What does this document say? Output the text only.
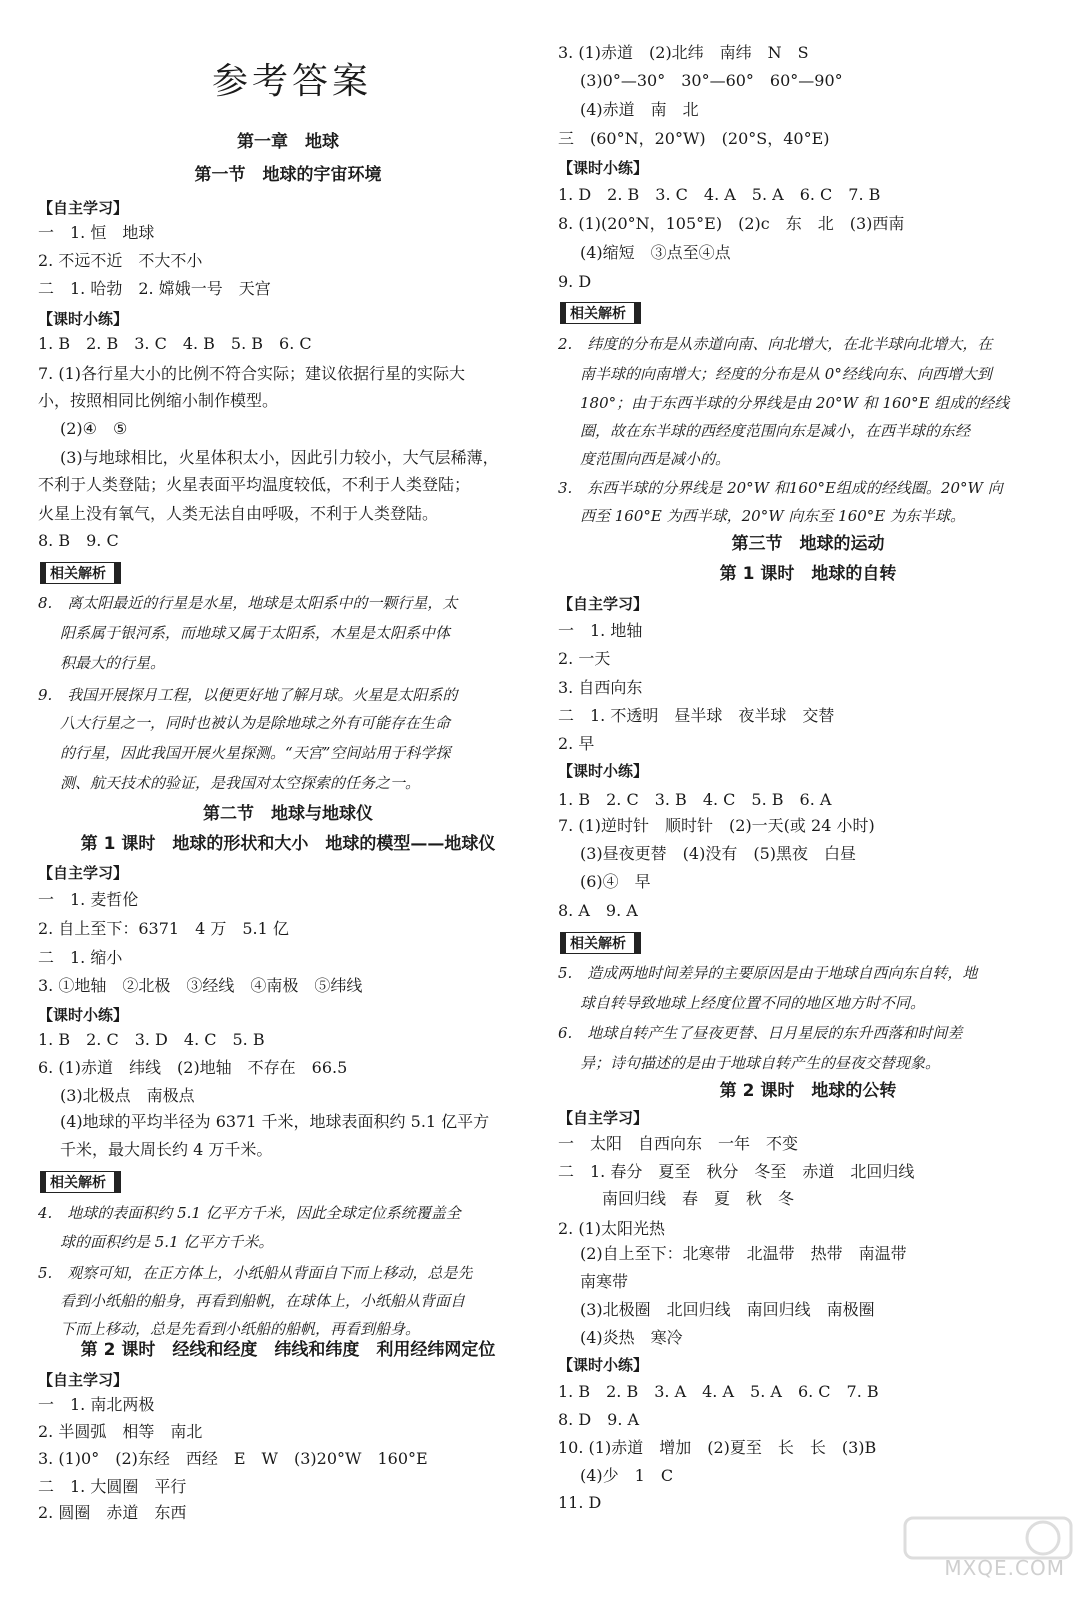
参考答案
第一章　地球
第一节　地球的宇宙环境
【自主学习】
一　1. 恒　地球
2. 不远不近　不大不小
二　1. 哈勃　2. 嫦娥一号　天宫
【课时小练】
1. B　2. B　3. C　4. B　5. B　6. C
7. (1)各行星大小的比例不符合实际；建议依据行星的实际大
小，按照相同比例缩小制作模型。
(2)④　⑤
(3)与地球相比，火星体积太小，因此引力较小，大气层稀薄，
不利于人类登陆；火星表面平均温度较低，不利于人类登陆；
火星上没有氧气，人类无法自由呼吸，不利于人类登陆。
8. B　9. C
相关解析
8.　离太阳最近的行星是水星，地球是太阳系中的一颗行星，太
阳系属于银河系，而地球又属于太阳系，木星是太阳系中体
积最大的行星。
9.　我国开展探月工程，以便更好地了解月球。火星是太阳系的
八大行星之一，同时也被认为是除地球之外有可能存在生命
的行星，因此我国开展火星探测。“天宫”空间站用于科学探
测、航天技术的验证，是我国对太空探索的任务之一。
第二节　地球与地球仪
第 1 课时　地球的形状和大小　地球的模型——地球仪
【自主学习】
一　1. 麦哲伦
2. 自上至下：6371　4 万　5.1 亿
二　1. 缩小
3. ①地轴　②北极　③经线　④南极　⑤纬线
【课时小练】
1. B　2. C　3. D　4. C　5. B
6. (1)赤道　纬线　(2)地轴　不存在　66.5
(3)北极点　南极点
(4)地球的平均半径为 6371 千米，地球表面积约 5.1 亿平方
千米，最大周长约 4 万千米。
相关解析
4.　地球的表面积约 5.1 亿平方千米，因此全球定位系统覆盖全
球的面积约是 5.1 亿平方千米。
5.　观察可知，在正方体上，小纸船从背面自下而上移动，总是先
看到小纸船的船身，再看到船帆，在球体上，小纸船从背面自
下而上移动，总是先看到小纸船的船帆，再看到船身。
第 2 课时　经线和经度　纬线和纬度　利用经纬网定位
【自主学习】
一　1. 南北两极
2. 半圆弧　相等　南北
3. (1)0°　(2)东经　西经　E　W　(3)20°W　160°E
二　1. 大圆圈　平行
2. 圆圈　赤道　东西
3. (1)赤道　(2)北纬　南纬　N　S
(3)0°—30°　30°—60°　60°—90°
(4)赤道　南　北
三　(60°N，20°W)　(20°S，40°E)
【课时小练】
1. D　2. B　3. C　4. A　5. A　6. C　7. B
8. (1)(20°N，105°E)　(2)c　东　北　(3)西南
(4)缩短　③点至④点
9. D
相关解析
2.　纬度的分布是从赤道向南、向北增大，在北半球向北增大，在
南半球的向南增大；经度的分布是从 0°经线向东、向西增大到
180°；由于东西半球的分界线是由 20°W 和 160°E 组成的经线
圈，故在东半球的西经度范围向东是减小，在西半球的东经
度范围向西是减小的。
3.　东西半球的分界线是 20°W 和160°E组成的经线圈。20°W 向
西至 160°E 为西半球，20°W 向东至 160°E 为东半球。
第三节　地球的运动
第 1 课时　地球的自转
【自主学习】
一　1. 地轴
2. 一天
3. 自西向东
二　1. 不透明　昼半球　夜半球　交替
2. 早
【课时小练】
1. B　2. C　3. B　4. C　5. B　6. A
7. (1)逆时针　顺时针　(2)一天(或 24 小时)
(3)昼夜更替　(4)没有　(5)黑夜　白昼
(6)④　早
8. A　9. A
相关解析
5.　造成两地时间差异的主要原因是由于地球自西向东自转，地
球自转导致地球上经度位置不同的地区地方时不同。
6.　地球自转产生了昼夜更替、日月星辰的东升西落和时间差
异；诗句描述的是由于地球自转产生的昼夜交替现象。
第 2 课时　地球的公转
【自主学习】
一　太阳　自西向东　一年　不变
二　1. 春分　夏至　秋分　冬至　赤道　北回归线
南回归线　春　夏　秋　冬
2. (1)太阳光热
(2)自上至下：北寒带　北温带　热带　南温带
南寒带
(3)北极圈　北回归线　南回归线　南极圈
(4)炎热　寒冷
【课时小练】
1. B　2. B　3. A　4. A　5. A　6. C　7. B
8. D　9. A
10. (1)赤道　增加　(2)夏至　长　长　(3)B
(4)少　1　C
11. D
MXQE.COM
